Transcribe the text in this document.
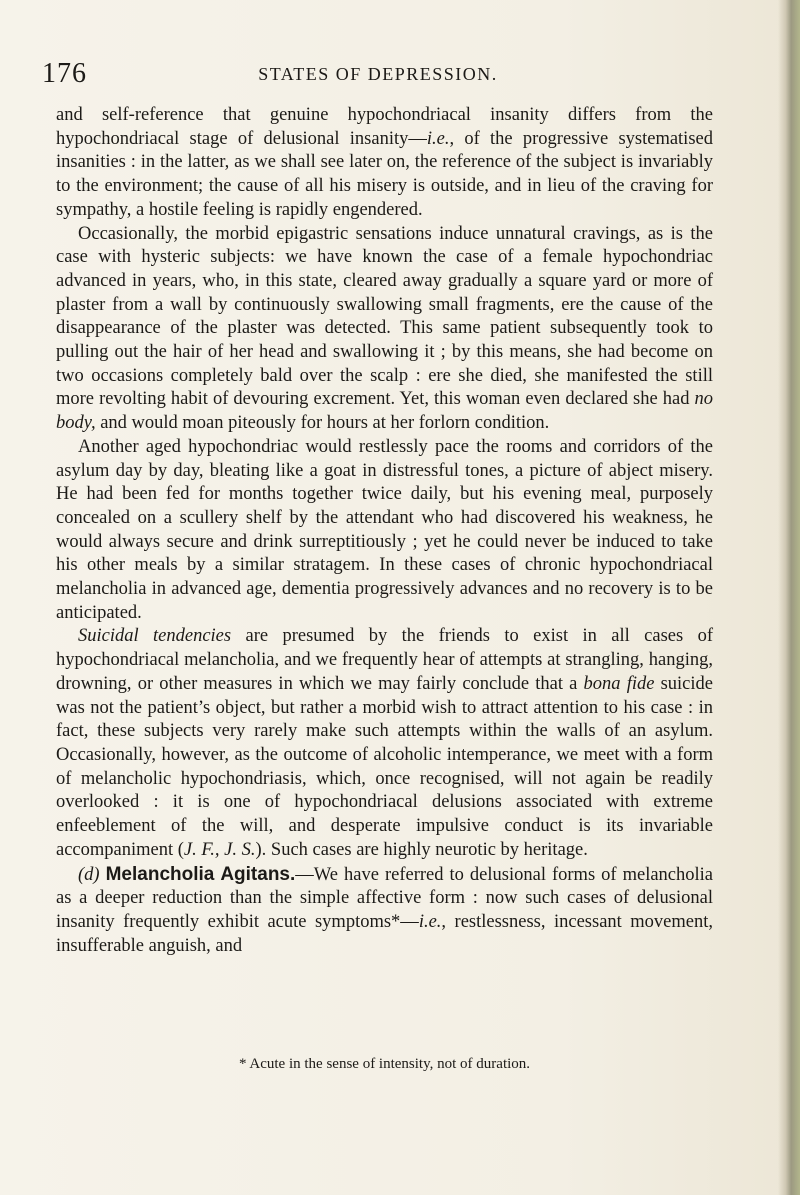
176	STATES OF DEPRESSION.

and self-reference that genuine hypochondriacal insanity differs from the hypochondriacal stage of delusional insanity—i.e., of the progressive systematised insanities : in the latter, as we shall see later on, the reference of the subject is invariably to the environment; the cause of all his misery is outside, and in lieu of the craving for sympathy, a hostile feeling is rapidly engendered.

Occasionally, the morbid epigastric sensations induce unnatural cravings, as is the case with hysteric subjects: we have known the case of a female hypochondriac advanced in years, who, in this state, cleared away gradually a square yard or more of plaster from a wall by continuously swallowing small fragments, ere the cause of the disappearance of the plaster was detected. This same patient subsequently took to pulling out the hair of her head and swallowing it ; by this means, she had become on two occasions completely bald over the scalp : ere she died, she manifested the still more revolting habit of devouring excrement. Yet, this woman even declared she had no body, and would moan piteously for hours at her forlorn condition.

Another aged hypochondriac would restlessly pace the rooms and corridors of the asylum day by day, bleating like a goat in distressful tones, a picture of abject misery. He had been fed for months together twice daily, but his evening meal, purposely concealed on a scullery shelf by the attendant who had discovered his weakness, he would always secure and drink surreptitiously ; yet he could never be induced to take his other meals by a similar stratagem. In these cases of chronic hypochondriacal melancholia in advanced age, dementia progressively advances and no recovery is to be anticipated.

Suicidal tendencies are presumed by the friends to exist in all cases of hypochondriacal melancholia, and we frequently hear of attempts at strangling, hanging, drowning, or other measures in which we may fairly conclude that a bona fide suicide was not the patient’s object, but rather a morbid wish to attract attention to his case : in fact, these subjects very rarely make such attempts within the walls of an asylum. Occasionally, however, as the outcome of alcoholic intemperance, we meet with a form of melancholic hypochondriasis, which, once recognised, will not again be readily overlooked : it is one of hypochondriacal delusions associated with extreme enfeeblement of the will, and desperate impulsive conduct is its invariable accompaniment (J. F., J. S.). Such cases are highly neurotic by heritage.

(d) Melancholia Agitans.—We have referred to delusional forms of melancholia as a deeper reduction than the simple affective form : now such cases of delusional insanity frequently exhibit acute symptoms*—i.e., restlessness, incessant movement, insufferable anguish, and

* Acute in the sense of intensity, not of duration.
